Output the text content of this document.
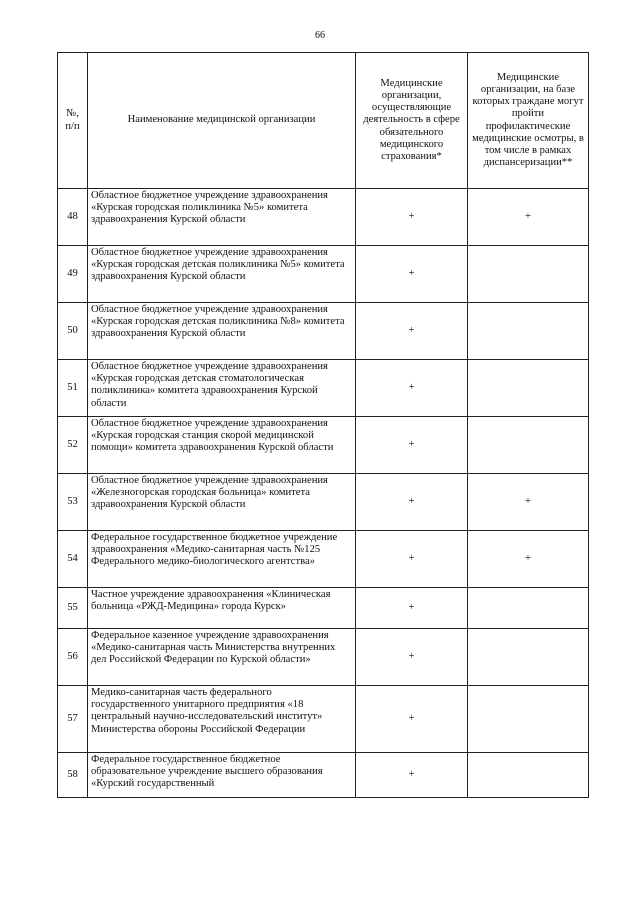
66
№, п/п	Наименование медицинской организации	Медицинские организации, осуществляющие деятельность в сфере обязательного медицинского страхования*	Медицинские организации, на базе которых граждане могут пройти профилактические медицинские осмотры, в том числе в рамках диспансеризации**
48	Областное бюджетное учреждение здравоохранения «Курская городская поликлиника №5» комитета здравоохранения Курской области	+	+
49	Областное бюджетное учреждение здравоохранения «Курская городская детская поликлиника №5» комитета здравоохранения Курской области	+	
50	Областное бюджетное учреждение здравоохранения «Курская городская детская поликлиника №8» комитета здравоохранения Курской области	+	
51	Областное бюджетное учреждение здравоохранения «Курская городская детская стоматологическая поликлиника» комитета здравоохранения Курской области	+	
52	Областное бюджетное учреждение здравоохранения «Курская городская станция скорой медицинской помощи» комитета здравоохранения Курской области	+	
53	Областное бюджетное учреждение здравоохранения «Железногорская городская больница» комитета здравоохранения Курской области	+	+
54	Федеральное государственное бюджетное учреждение здравоохранения «Медико-санитарная часть №125 Федерального медико-биологического агентства»	+	+
55	Частное учреждение здравоохранения «Клиническая больница «РЖД-Медицина» города Курск»	+	
56	Федеральное казенное учреждение здравоохранения «Медико-санитарная часть Министерства внутренних дел Российской Федерации по Курской области»	+	
57	Медико-санитарная часть федерального государственного унитарного предприятия «18 центральный научно-исследовательский институт» Министерства обороны Российской Федерации	+	
58	Федеральное государственное бюджетное образовательное учреждение высшего образования «Курский государственный	+	
